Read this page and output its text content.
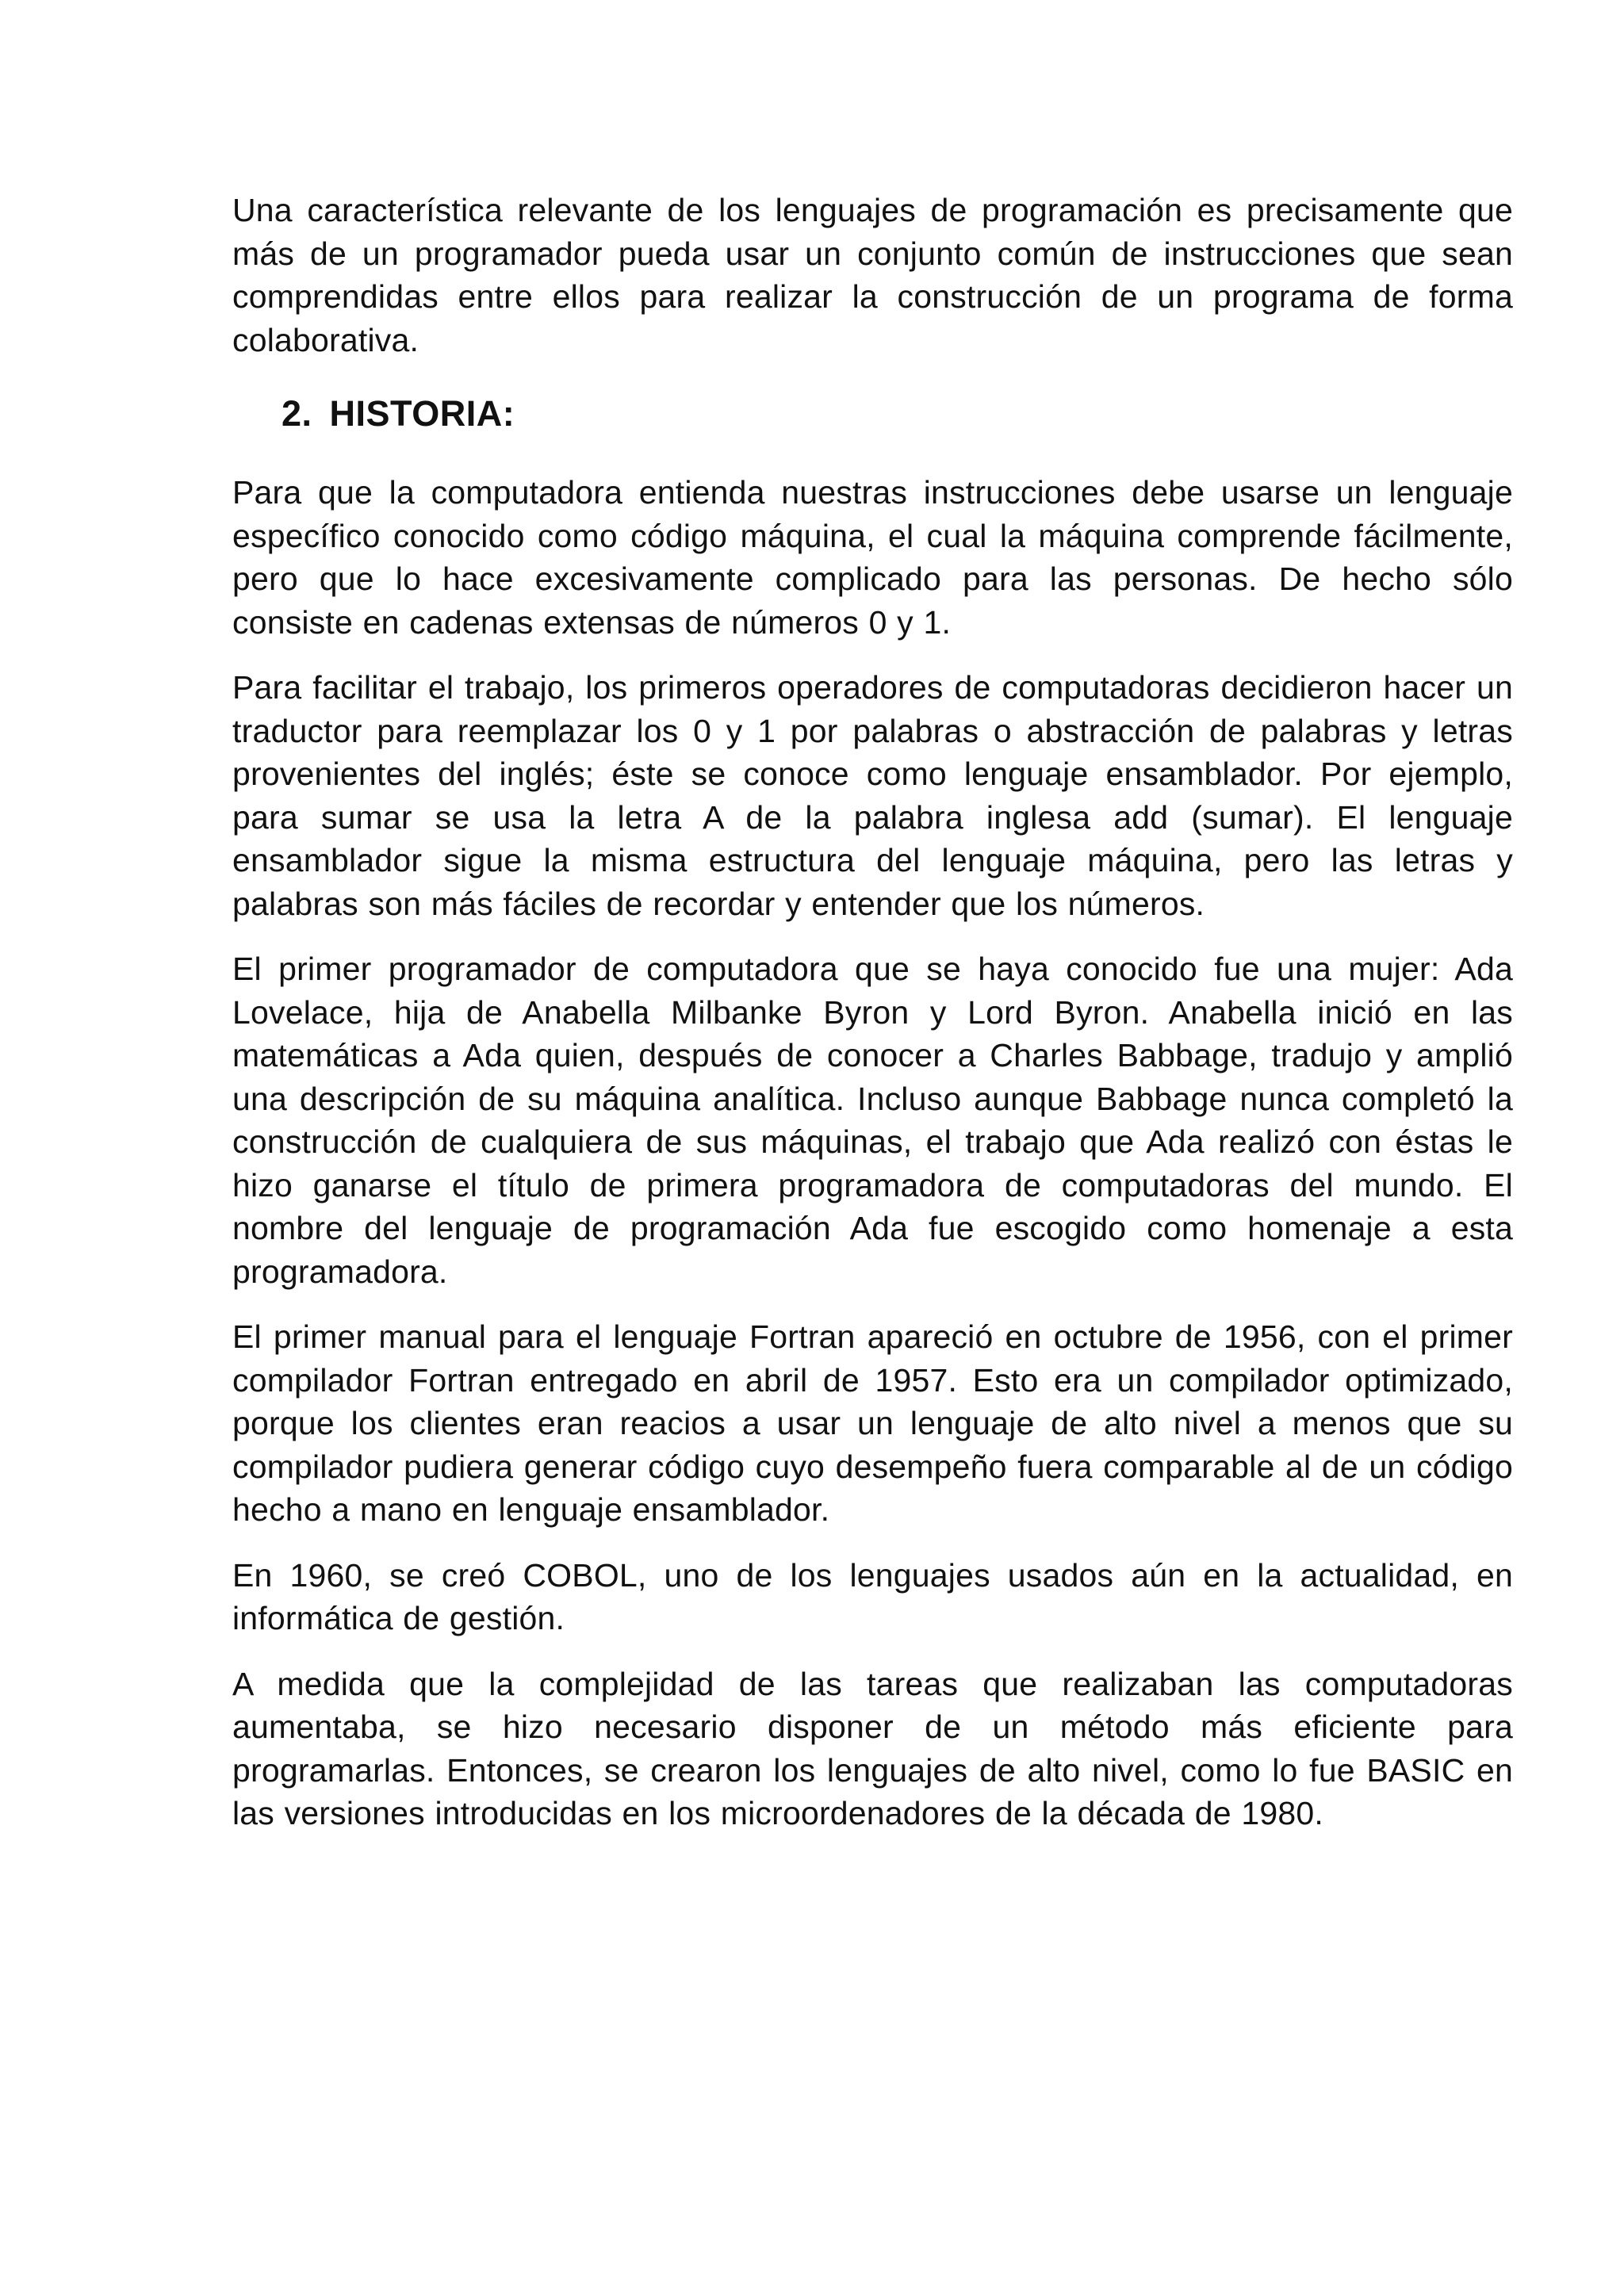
Una característica relevante de los lenguajes de programación es precisamente que más de un programador pueda usar un conjunto común de instrucciones que sean comprendidas entre ellos para realizar la construcción de un programa de forma colaborativa.

2. HISTORIA:

Para que la computadora entienda nuestras instrucciones debe usarse un lenguaje específico conocido como código máquina, el cual la máquina comprende fácilmente, pero que lo hace excesivamente complicado para las personas. De hecho sólo consiste en cadenas extensas de números 0 y 1.

Para facilitar el trabajo, los primeros operadores de computadoras decidieron hacer un traductor para reemplazar los 0 y 1 por palabras o abstracción de palabras y letras provenientes del inglés; éste se conoce como lenguaje ensamblador. Por ejemplo, para sumar se usa la letra A de la palabra inglesa add (sumar). El lenguaje ensamblador sigue la misma estructura del lenguaje máquina, pero las letras y palabras son más fáciles de recordar y entender que los números.

El primer programador de computadora que se haya conocido fue una mujer: Ada Lovelace, hija de Anabella Milbanke Byron y Lord Byron. Anabella inició en las matemáticas a Ada quien, después de conocer a Charles Babbage, tradujo y amplió una descripción de su máquina analítica. Incluso aunque Babbage nunca completó la construcción de cualquiera de sus máquinas, el trabajo que Ada realizó con éstas le hizo ganarse el título de primera programadora de computadoras del mundo. El nombre del lenguaje de programación Ada fue escogido como homenaje a esta programadora.

El primer manual para el lenguaje Fortran apareció en octubre de 1956, con el primer compilador Fortran entregado en abril de 1957. Esto era un compilador optimizado, porque los clientes eran reacios a usar un lenguaje de alto nivel a menos que su compilador pudiera generar código cuyo desempeño fuera comparable al de un código hecho a mano en lenguaje ensamblador.

En 1960, se creó COBOL, uno de los lenguajes usados aún en la actualidad, en informática de gestión.

A medida que la complejidad de las tareas que realizaban las computadoras aumentaba, se hizo necesario disponer de un método más eficiente para programarlas. Entonces, se crearon los lenguajes de alto nivel, como lo fue BASIC en las versiones introducidas en los microordenadores de la década de 1980.
